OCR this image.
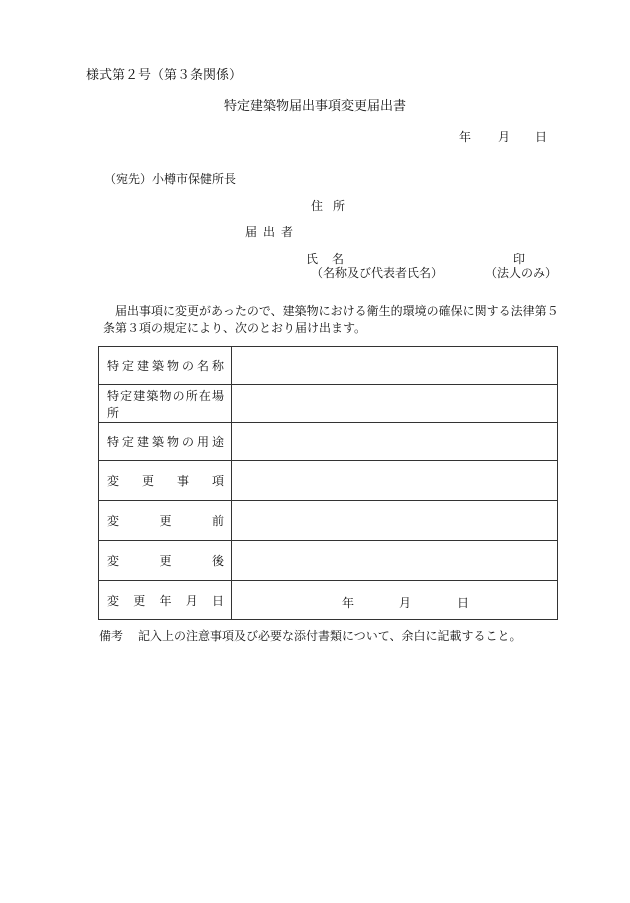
様式第２号（第３条関係）
特定建築物届出事項変更届出書
年 月 日
（宛先）小樽市保健所長
住所
届出者
氏名
（名称及び代表者氏名）
印
（法人のみ）
届出事項に変更があったので、建築物における衛生的環境の確保に関する法律第５条第３項の規定により、次のとおり届け出ます。
特定建築物の名称	

特定建築物の所在場所	

特定建築物の用途	

変更事項	

変更前	

変更後	

変更年月日	年 月 日
備考 記入上の注意事項及び必要な添付書類について、余白に記載すること。
